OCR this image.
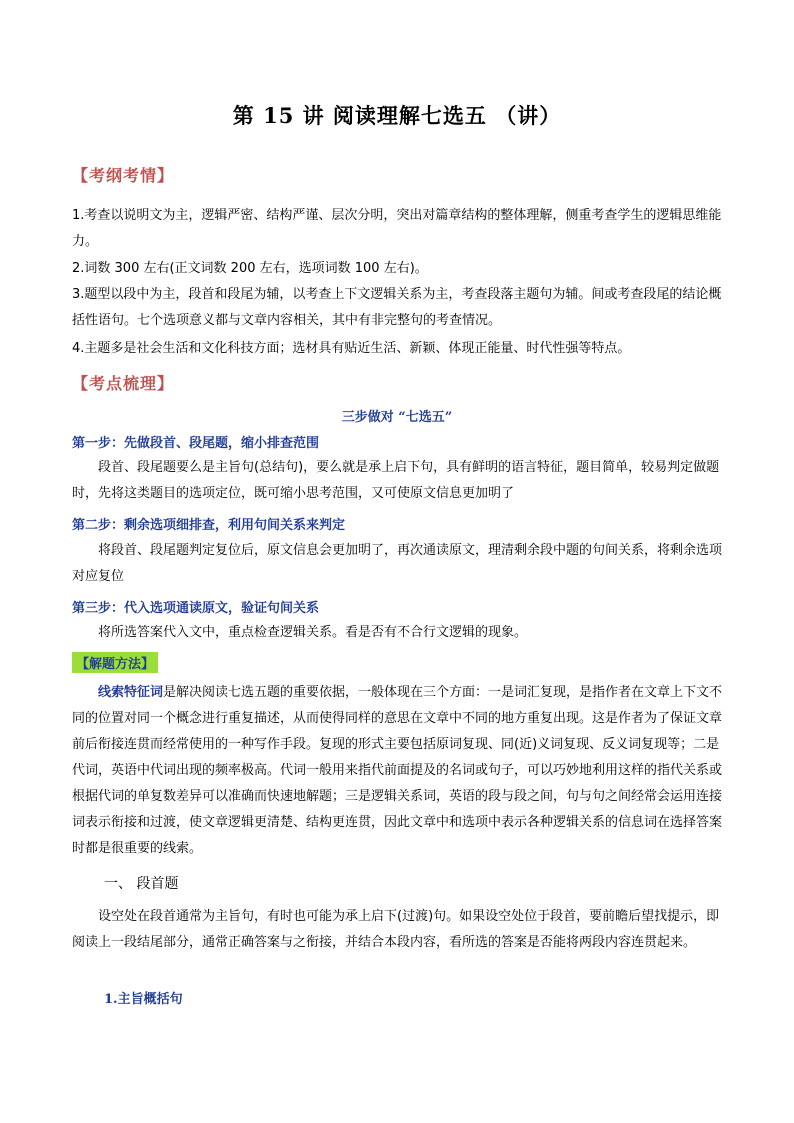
第 15 讲 阅读理解七选五 （讲）
【考纲考情】

1.考查以说明文为主，逻辑严密、结构严谨、层次分明，突出对篇章结构的整体理解，侧重考查学生的逻辑思维能力。

2.词数 300 左右(正文词数 200 左右，选项词数 100 左右)。

3.题型以段中为主，段首和段尾为辅，以考查上下文逻辑关系为主，考查段落主题句为辅。间或考查段尾的结论概括性语句。七个选项意义都与文章内容相关，其中有非完整句的考查情况。

4.主题多是社会生活和文化科技方面；选材具有贴近生活、新颖、体现正能量、时代性强等特点。

【考点梳理】
三步做对 “七选五”
第一步：先做段首、段尾题，缩小排查范围

段首、段尾题要么是主旨句(总结句)，要么就是承上启下句，具有鲜明的语言特征，题目简单，较易判定做题时，先将这类题目的选项定位，既可缩小思考范围，又可使原文信息更加明了

第二步：剩余选项细排查，利用句间关系来判定

将段首、段尾题判定复位后，原文信息会更加明了，再次通读原文，理清剩余段中题的句间关系，将剩余选项对应复位

第三步：代入选项通读原文，验证句间关系

将所选答案代入文中，重点检查逻辑关系。看是否有不合行文逻辑的现象。

【解题方法】

线索特征词是解决阅读七选五题的重要依据，一般体现在三个方面：一是词汇复现，是指作者在文章上下文不同的位置对同一个概念进行重复描述，从而使得同样的意思在文章中不同的地方重复出现。这是作者为了保证文章前后衔接连贯而经常使用的一种写作手段。复现的形式主要包括原词复现、同(近)义词复现、反义词复现等；二是代词，英语中代词出现的频率极高。代词一般用来指代前面提及的名词或句子，可以巧妙地利用这样的指代关系或根据代词的单复数差异可以准确而快速地解题；三是逻辑关系词，英语的段与段之间，句与句之间经常会运用连接词表示衔接和过渡，使文章逻辑更清楚、结构更连贯，因此文章中和选项中表示各种逻辑关系的信息词在选择答案时都是很重要的线索。

一、 段首题

设空处在段首通常为主旨句，有时也可能为承上启下(过渡)句。如果设空处位于段首，要前瞻后望找提示，即阅读上一段结尾部分，通常正确答案与之衔接，并结合本段内容，看所选的答案是否能将两段内容连贯起来。

1.主旨概括句
